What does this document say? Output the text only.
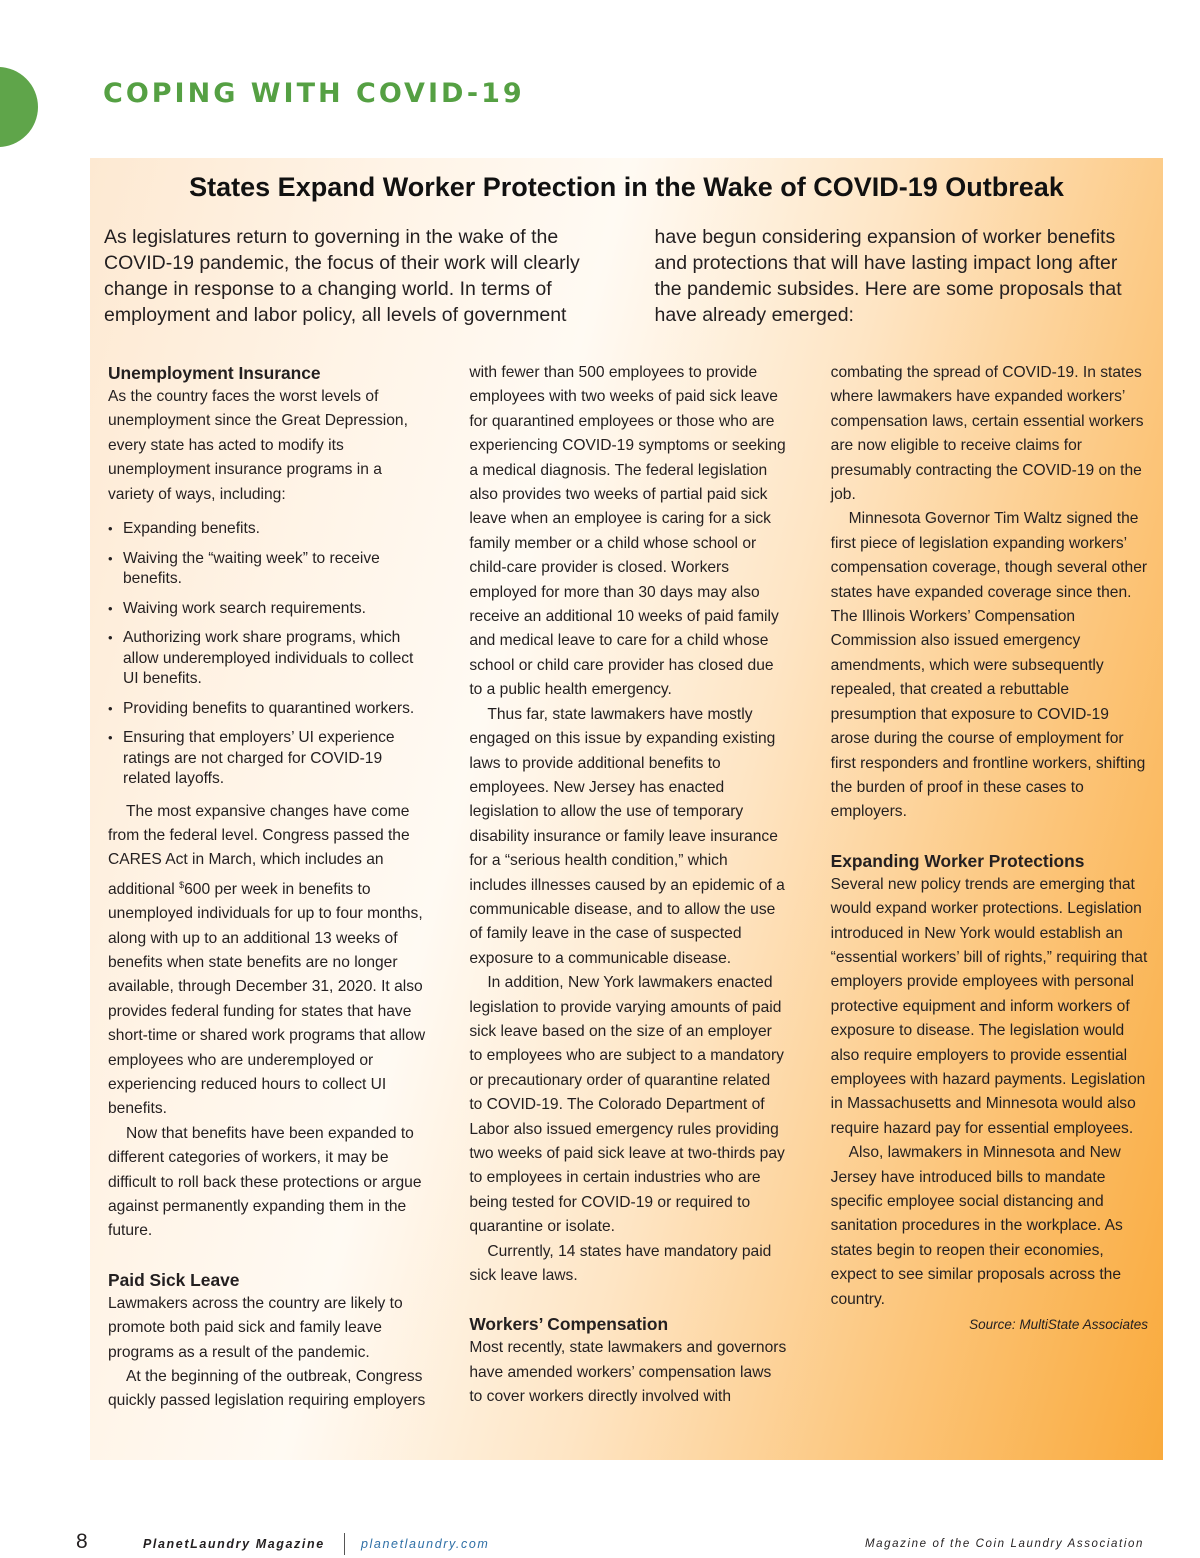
COPING WITH COVID-19
States Expand Worker Protection in the Wake of COVID-19 Outbreak

As legislatures return to governing in the wake of the COVID-19 pandemic, the focus of their work will clearly change in response to a changing world. In terms of employment and labor policy, all levels of government have begun considering expansion of worker benefits and protections that will have lasting impact long after the pandemic subsides. Here are some proposals that have already emerged:

Unemployment Insurance

As the country faces the worst levels of unemployment since the Great Depression, every state has acted to modify its unemployment insurance programs in a variety of ways, including:

• Expanding benefits.
• Waiving the “waiting week” to receive benefits.
• Waiving work search requirements.
• Authorizing work share programs, which allow underemployed individuals to collect UI benefits.
• Providing benefits to quarantined workers.
• Ensuring that employers’ UI experience ratings are not charged for COVID-19 related layoffs.

The most expansive changes have come from the federal level. Congress passed the CARES Act in March, which includes an additional $600 per week in benefits to unemployed individuals for up to four months, along with up to an additional 13 weeks of benefits when state benefits are no longer available, through December 31, 2020. It also provides federal funding for states that have short-time or shared work programs that allow employees who are underemployed or experiencing reduced hours to collect UI benefits.

Now that benefits have been expanded to different categories of workers, it may be difficult to roll back these protections or argue against permanently expanding them in the future.

Paid Sick Leave

Lawmakers across the country are likely to promote both paid sick and family leave programs as a result of the pandemic.

At the beginning of the outbreak, Congress quickly passed legislation requiring employers with fewer than 500 employees to provide employees with two weeks of paid sick leave for quarantined employees or those who are experiencing COVID-19 symptoms or seeking a medical diagnosis. The federal legislation also provides two weeks of partial paid sick leave when an employee is caring for a sick family member or a child whose school or child-care provider is closed. Workers employed for more than 30 days may also receive an additional 10 weeks of paid family and medical leave to care for a child whose school or child care provider has closed due to a public health emergency.

Thus far, state lawmakers have mostly engaged on this issue by expanding existing laws to provide additional benefits to employees. New Jersey has enacted legislation to allow the use of temporary disability insurance or family leave insurance for a “serious health condition,” which includes illnesses caused by an epidemic of a communicable disease, and to allow the use of family leave in the case of suspected exposure to a communicable disease.

In addition, New York lawmakers enacted legislation to provide varying amounts of paid sick leave based on the size of an employer to employees who are subject to a mandatory or precautionary order of quarantine related to COVID-19. The Colorado Department of Labor also issued emergency rules providing two weeks of paid sick leave at two-thirds pay to employees in certain industries who are being tested for COVID-19 or required to quarantine or isolate.

Currently, 14 states have mandatory paid sick leave laws.

Workers’ Compensation

Most recently, state lawmakers and governors have amended workers’ compensation laws to cover workers directly involved with combating the spread of COVID-19. In states where lawmakers have expanded workers’ compensation laws, certain essential workers are now eligible to receive claims for presumably contracting the COVID-19 on the job.

Minnesota Governor Tim Waltz signed the first piece of legislation expanding workers’ compensation coverage, though several other states have expanded coverage since then. The Illinois Workers’ Compensation Commission also issued emergency amendments, which were subsequently repealed, that created a rebuttable presumption that exposure to COVID-19 arose during the course of employment for first responders and frontline workers, shifting the burden of proof in these cases to employers.

Expanding Worker Protections

Several new policy trends are emerging that would expand worker protections. Legislation introduced in New York would establish an “essential workers’ bill of rights,” requiring that employers provide employees with personal protective equipment and inform workers of exposure to disease. The legislation would also require employers to provide essential employees with hazard payments. Legislation in Massachusetts and Minnesota would also require hazard pay for essential employees.

Also, lawmakers in Minnesota and New Jersey have introduced bills to mandate specific employee social distancing and sanitation procedures in the workplace. As states begin to reopen their economies, expect to see similar proposals across the country.

Source: MultiState Associates

8	PlanetLaundry Magazine	planetlaundry.com	Magazine of the Coin Laundry Association
